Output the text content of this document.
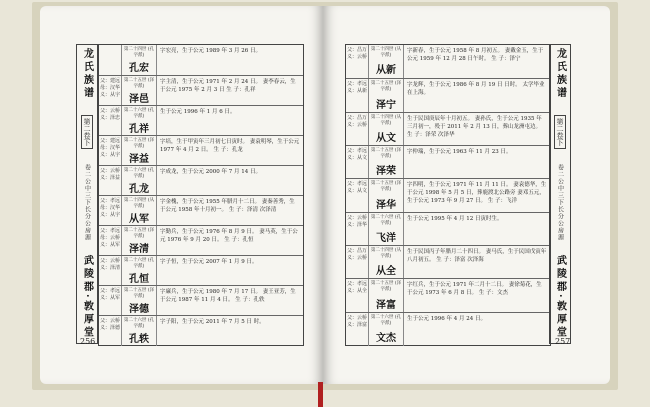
龙氏族谱
第二卷下
卷二公中三下长分公房源
武陵郡·敦厚堂
第二十四世 (孔字派)
孔宏
字宏亮，生于公元 1989 年 3 月 26 日。
父：建远 母：汉华 义：从宇
第二十五世 (泽字派)
泽邑
字主清，生于公元 1971 年 2 月 24 日。 妻李春云，生于公元 1975 年 2 月 3 日 生 子：孔祥
父：云桥 义：泽忠
第二十六世 (孔字派)
孔祥
生于公元 1996 年 1 月 6 日。
父：建远 母：汉华 义：从宇
第二十五世 (泽字派)
泽益
字培，生于甲寅年三月初七日寅时。 妻袁明琴，生于公元 1977 年 4 月 2 日。 生 子：孔龙
父：云桥 义：泽益
第二十六世 (孔字派)
孔龙
字成龙，生于公元 2000 年 7 月 14 日。
父：孝远 母：汉华 义：从宇
第二十四世 (从字派)
从军
字金槐，生于公元 1955 年腊月十二日。 妻秦善秀，生于公元 1958 年十月初一。 生 子：泽清 次泽清
父：孝远 母：云桥 义：从军
第二十五世 (泽字派)
泽清
字勤兵，生于公元 1976 年 8 月 9 日。 妻马英，生于公元 1976 年 9 月 20 日。 生 子：孔恒
父：云桥 义：泽清
第二十六世 (孔字派)
孔恒
字子恒，生于公元 2007 年 1 月 9 日。
父：孝远 义：从军
第二十五世 (泽字派)
泽德
字廉兵，生于公元 1980 年 7 月 17 日。 妻王亚芳，生于公元 1987 年 11 月 4 日。 生 子：孔轶
父：云桥 义：泽德
第二十六世 (孔字派)
孔轶
字子阳，生于公元 2011 年 7 月 5 日 时。
256
父：昌万 义：云桥
第二十四世 (从字派)
从新
字新春，生于公元 1958 年 8 月初五。 妻戴金玉，生于公元 1959 年 12 月 28 日午时。 生 子：泽宁
父：孝远 义：从新
第二十五世 (泽字派)
泽宁
字龙辉，生于公元 1986 年 8 月 19 日 日时。 太学毕业在上海。
父：昌万 义：云桥
第二十四世 (从字派)
从文
生于民国庚辰年十月初五。 妻孙氏，生于公元 1935 年三月初一，殁于 2011 年 2 月 13 日，葬山龙洲屯边。 生 子：泽荣 次泽华
父：孝远 义：从文
第二十五世 (泽字派)
泽荣
字仲瑞，生于公元 1963 年 11 月 23 日。
父：孝远 义：从文
第二十五世 (泽字派)
泽华
字四明，生于公元 1971 年 11 月 11 日。 妻袁德华，生于公元 1998 年 5 月 5 日，葬鹿渡北公路旁 妻邓五元，生于公元 1973 年 9 月 27 日。 生 子：飞洋
父：云桥 义：泽华
第二十六世 (孔字派)
飞洋
生于公元 1995 年 4 月 12 日寅时生。
父：昌万 义：云桥
第二十四世 (从字派)
从全
生于民国丙子年腊月二十四日。 妻马氏，生于民国戊寅年八月初五。 生 子：泽富 次泽海
父：孝远 义：从全
第二十五世 (泽字派)
泽富
字红兵，生于公元 1971 年二月十二日。 妻徐菊花，生于公元 1973 年 6 月 8 日。 生 子：文杰
父：云桥 义：泽富
第二十六世 (孔字派)
文杰
生于公元 1996 年 4 月 24 日。
龙氏族谱
第二卷下
卷二公中三下长分公房源
武陵郡·敦厚堂
257
